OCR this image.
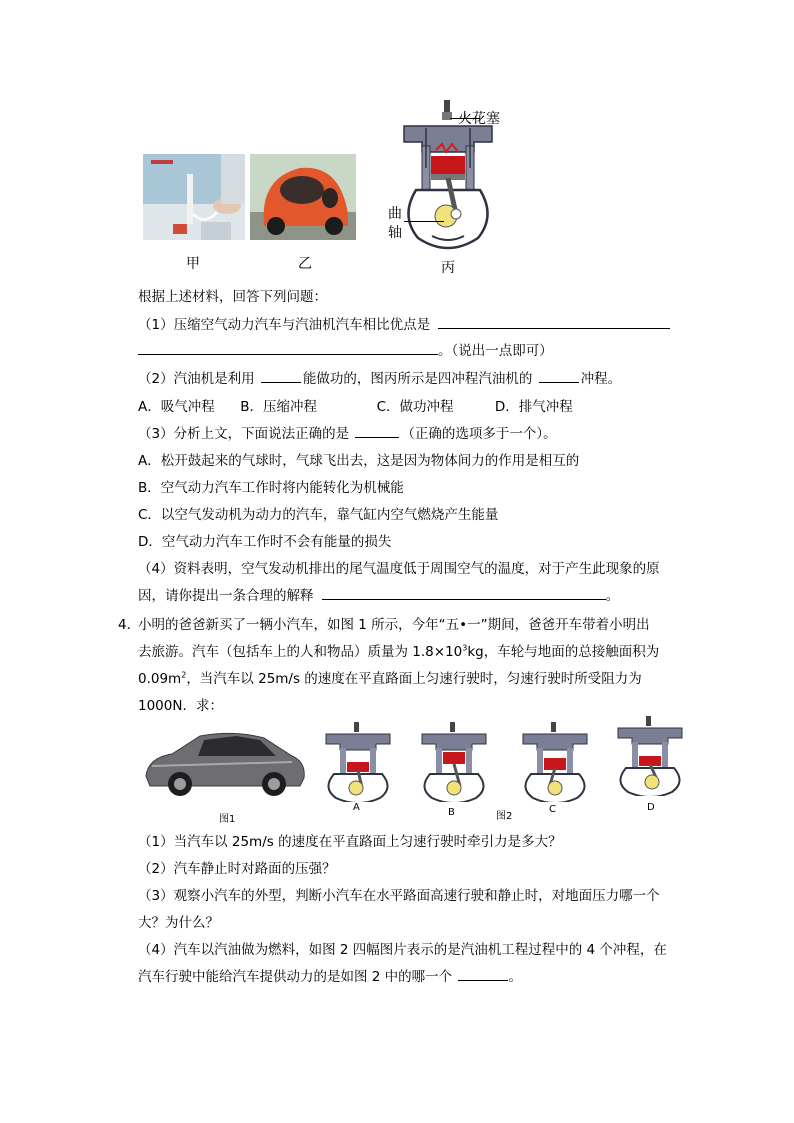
甲	乙
火花塞
曲
轴
丙
根据上述材料，回答下列问题：
（1）压缩空气动力汽车与汽油机汽车相比优点是
。（说出一点即可）
（2）汽油机是利用	能做功的，图丙所示是四冲程汽油机的	冲程。
A．吸气冲程 B．压缩冲程	C．做功冲程	D．排气冲程
（3）分析上文，下面说法正确的是	（正确的选项多于一个）。
A．松开鼓起来的气球时，气球飞出去，这是因为物体间力的作用是相互的
B．空气动力汽车工作时将内能转化为机械能
C．以空气发动机为动力的汽车，靠气缸内空气燃烧产生能量
D．空气动力汽车工作时不会有能量的损失
（4）资料表明，空气发动机排出的尾气温度低于周围空气的温度，对于产生此现象的原
因，请你提出一条合理的解释	。
4．
小明的爸爸新买了一辆小汽车，如图 1 所示，今年“五•一”期间，爸爸开车带着小明出
去旅游。汽车（包括车上的人和物品）质量为 $1.8\times 10^3kg$，车轮与地面的总接触面积为
$0.09m^2$，当汽车以 25m/s 的速度在平直路面上匀速行驶时，匀速行驶时所受阻力为
1000N．求：
图1
A	B	图2
C	D
（1）当汽车以 25m/s 的速度在平直路面上匀速行驶时牵引力是多大？
（2）汽车静止时对路面的压强？
（3）观察小汽车的外型，判断小汽车在水平路面高速行驶和静止时，对地面压力哪一个
大？为什么？
（4）汽车以汽油做为燃料，如图 2 四幅图片表示的是汽油机工程过程中的 4 个冲程，在
汽车行驶中能给汽车提供动力的是如图 2 中的哪一个	。
